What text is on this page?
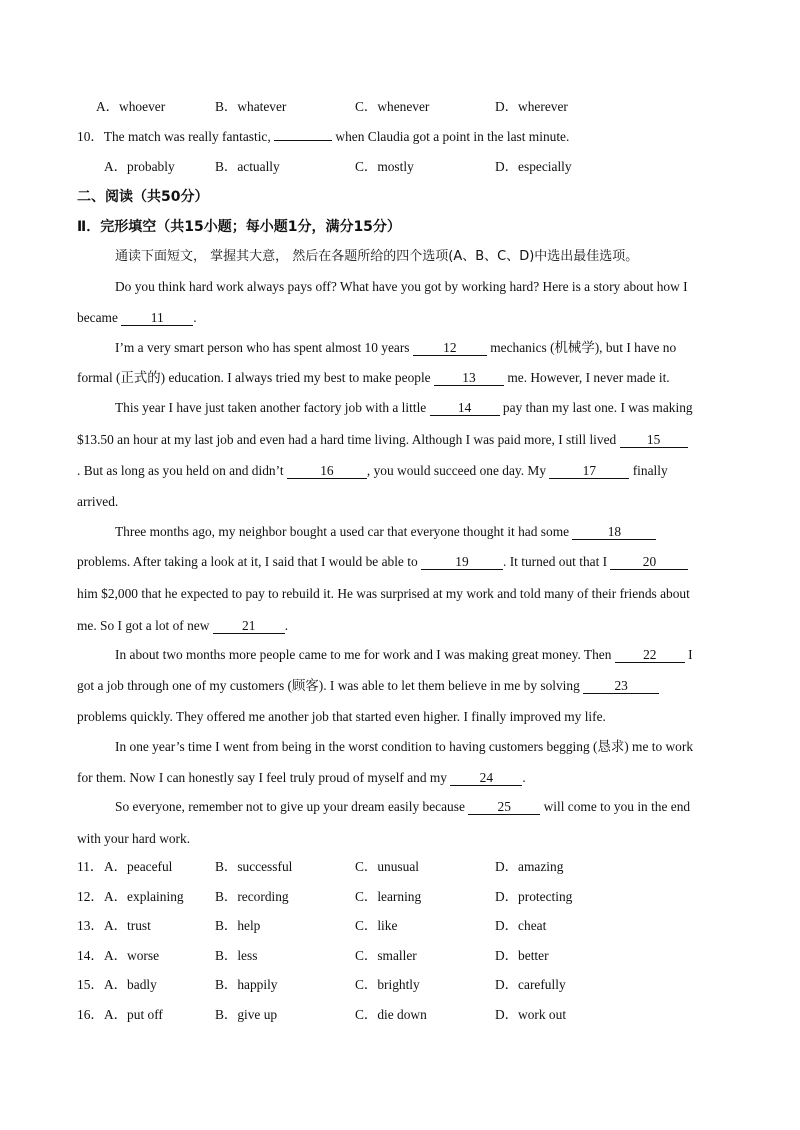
A．whoever	B．whatever	C．whenever	D．wherever
10．The match was really fantastic,	when Claudia got a point in the last minute.
A．probably	B．actually	C．mostly	D．especially
二、阅读（共50分）
Ⅱ．完形填空（共15小题；每小题1分，满分15分）
通读下面短文， 掌握其大意， 然后在各题所给的四个选项(A、B、C、D)中选出最佳选项。
Do you think hard work always pays off? What have you got by working hard? Here is a story about how I
became 11 .
I’m a very smart person who has spent almost 10 years 12 mechanics (机械学), but I have no
formal (正式的) education. I always tried my best to make people 13 me. However, I never made it.
This year I have just taken another factory job with a little 14 pay than my last one. I was making
$13.50 an hour at my last job and even had a hard time living. Although I was paid more, I still lived 15
. But as long as you held on and didn’t 16 , you would succeed one day. My 17 finally
arrived.
Three months ago, my neighbor bought a used car that everyone thought it had some	18
problems. After taking a look at it, I said that I would be able to	19	. It turned out that I 20
him $2,000 that he expected to pay to rebuild it. He was surprised at my work and told many of their friends about
me. So I got a lot of new 21 .
In about two months more people came to me for work and I was making great money. Then 22 I
got a job through one of my customers (顾客). I was able to let them believe in me by solving 23
problems quickly. They offered me another job that started even higher. I finally improved my life.
In one year’s time I went from being in the worst condition to having customers begging (恳求) me to work
for them. Now I can honestly say I feel truly proud of myself and my 24 .
So everyone, remember not to give up your dream easily because 25 will come to you in the end
with your hard work.
11． A．peaceful	B．successful	C．unusual	D．amazing
12． A．explaining B．recording	C．learning	D．protecting
13． A．trust	B．help	C．like	D．cheat
14． A．worse	B．less	C．smaller	D．better
15． A．badly	B．happily	C．brightly	D．carefully
16． A．put off	B．give up	C．die down	D．work out
